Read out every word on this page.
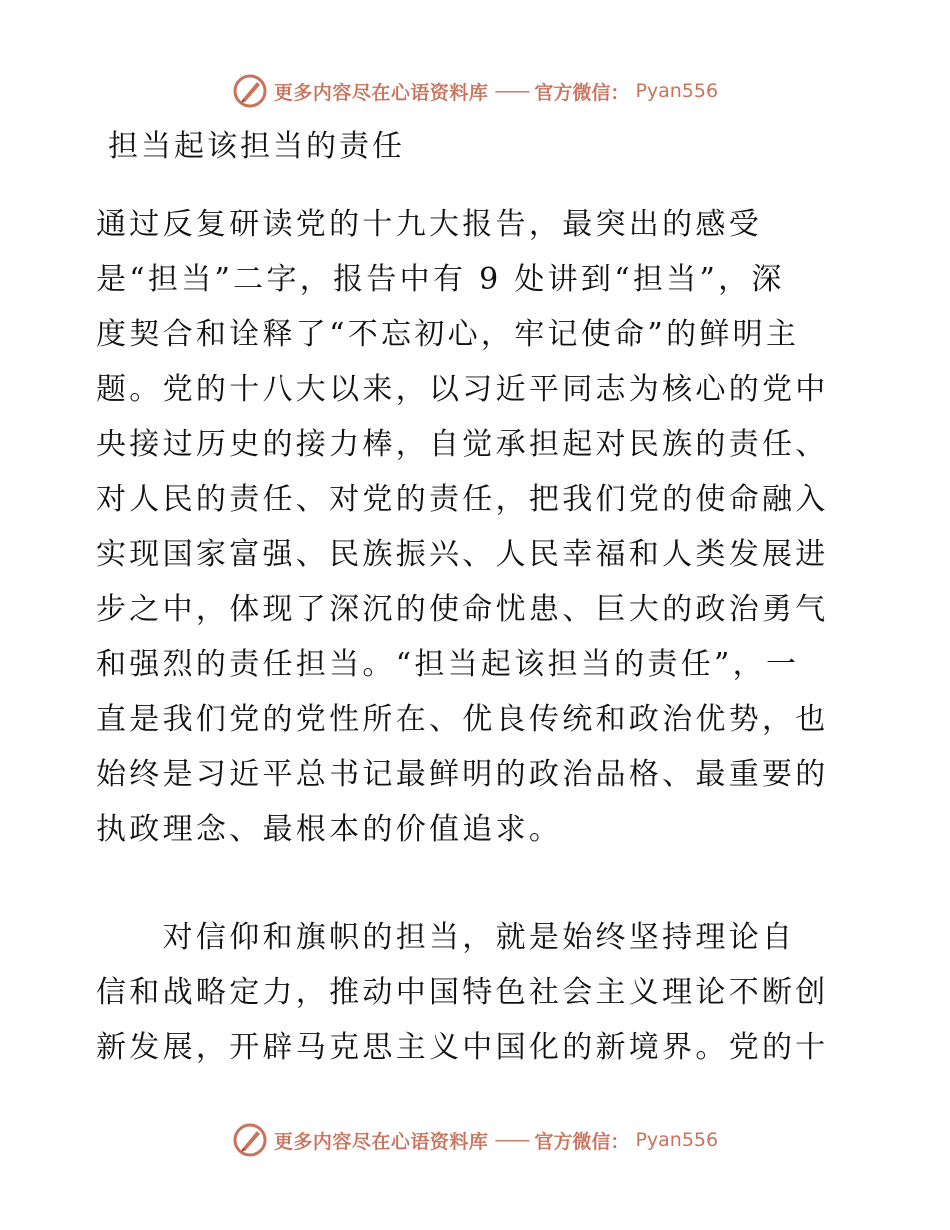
更多内容尽在心语资料库 —— 官方微信： Pyan556
担当起该担当的责任
通过反复研读党的十九大报告，最突出的感受
是“担当”二字，报告中有 9 处讲到“担当”，深
度契合和诠释了“不忘初心，牢记使命”的鲜明主
题。党的十八大以来，以习近平同志为核心的党中
央接过历史的接力棒，自觉承担起对民族的责任、
对人民的责任、对党的责任，把我们党的使命融入
实现国家富强、民族振兴、人民幸福和人类发展进
步之中，体现了深沉的使命忧患、巨大的政治勇气
和强烈的责任担当。“担当起该担当的责任”，一
直是我们党的党性所在、优良传统和政治优势，也
始终是习近平总书记最鲜明的政治品格、最重要的
执政理念、最根本的价值追求。
　　对信仰和旗帜的担当，就是始终坚持理论自
信和战略定力，推动中国特色社会主义理论不断创
新发展，开辟马克思主义中国化的新境界。党的十
更多内容尽在心语资料库 —— 官方微信： Pyan556
